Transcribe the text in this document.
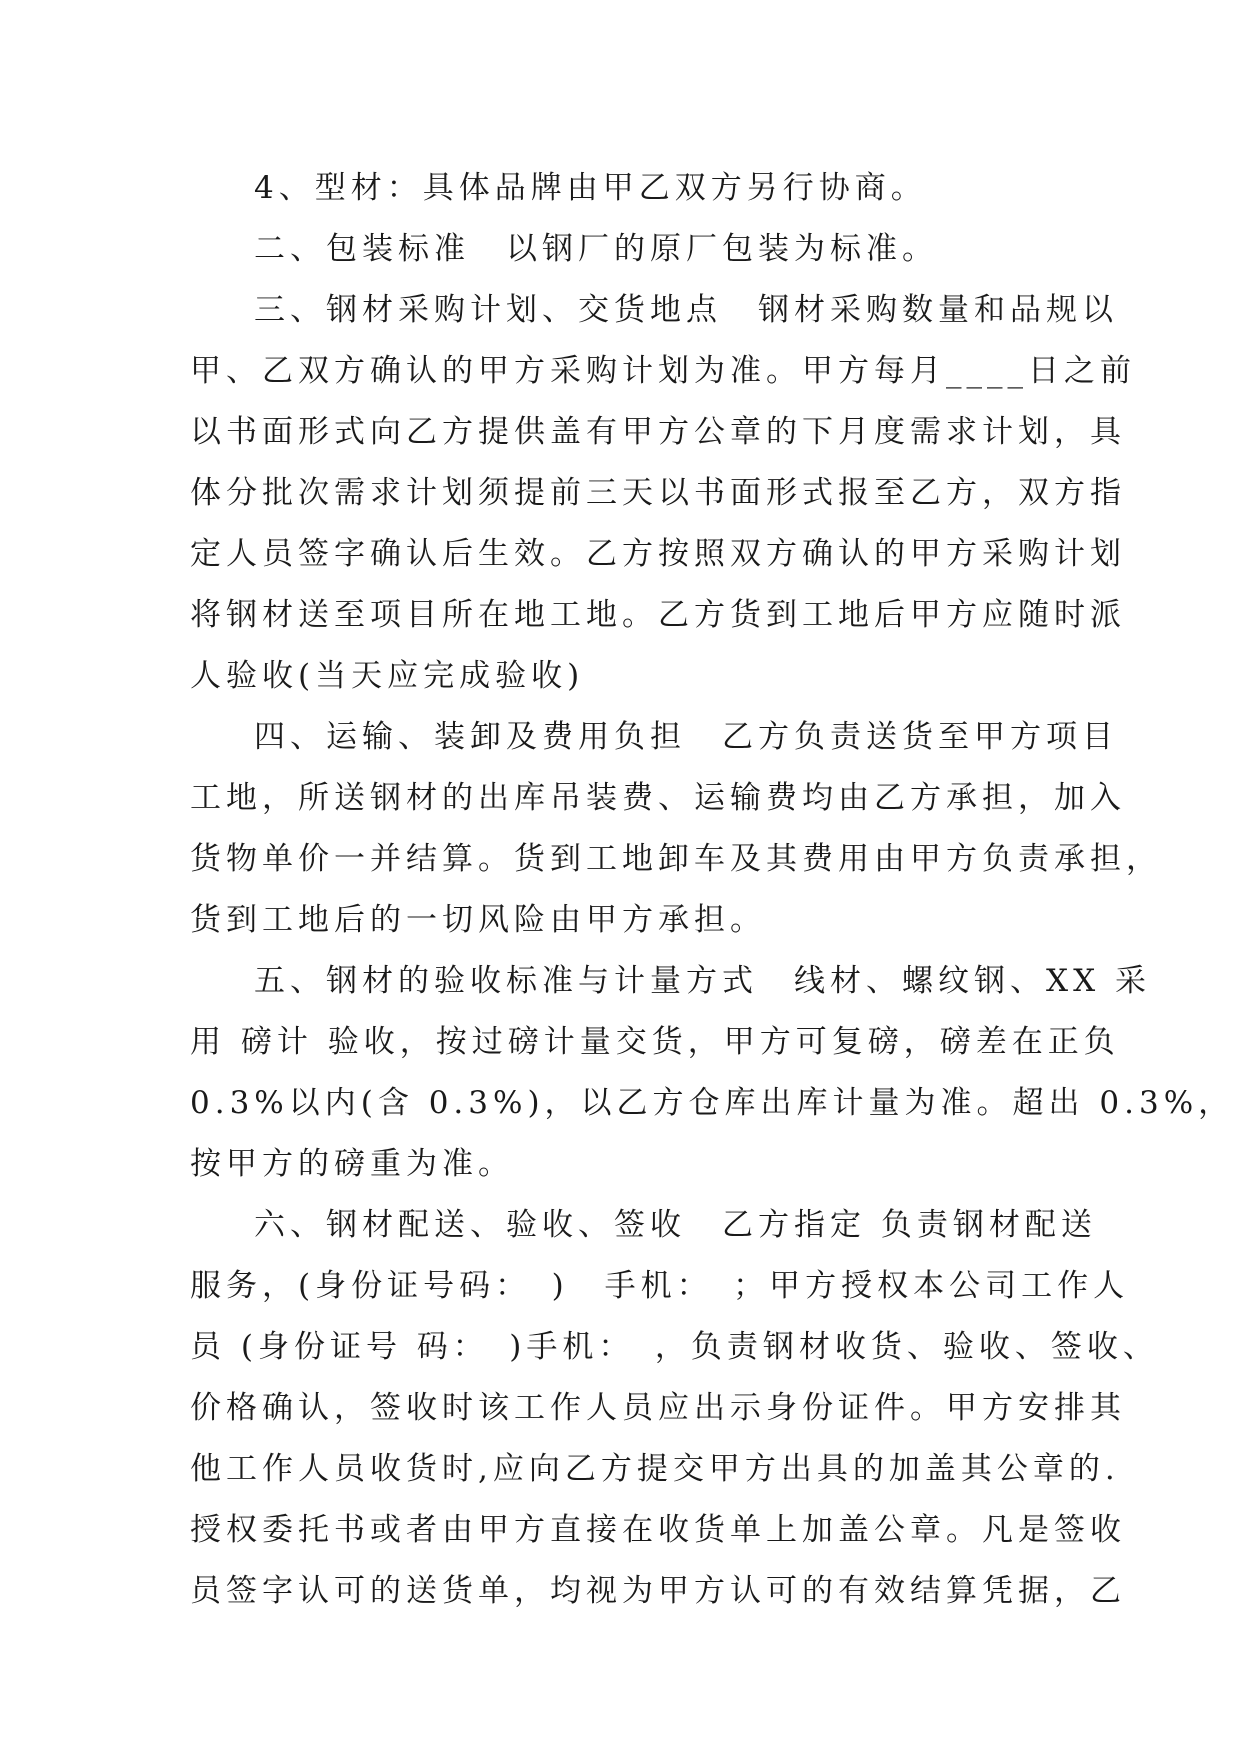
4、型材：具体品牌由甲乙双方另行协商。
二、包装标准　以钢厂的原厂包装为标准。
三、钢材采购计划、交货地点　钢材采购数量和品规以
甲、乙双方确认的甲方采购计划为准。甲方每月____日之前
以书面形式向乙方提供盖有甲方公章的下月度需求计划，具
体分批次需求计划须提前三天以书面形式报至乙方，双方指
定人员签字确认后生效。乙方按照双方确认的甲方采购计划
将钢材送至项目所在地工地。乙方货到工地后甲方应随时派
人验收(当天应完成验收)
四、运输、装卸及费用负担　乙方负责送货至甲方项目
工地，所送钢材的出库吊装费、运输费均由乙方承担，加入
货物单价一并结算。货到工地卸车及其费用由甲方负责承担，
货到工地后的一切风险由甲方承担。
五、钢材的验收标准与计量方式　线材、螺纹钢、XX 采
用 磅计 验收，按过磅计量交货，甲方可复磅，磅差在正负
0.3%以内(含 0.3%)，以乙方仓库出库计量为准。超出 0.3%，
按甲方的磅重为准。
六、钢材配送、验收、签收　乙方指定 负责钢材配送
服务，(身份证号码：　)　手机：　；甲方授权本公司工作人
员 (身份证号 码：　)手机：　，负责钢材收货、验收、签收、
价格确认，签收时该工作人员应出示身份证件。甲方安排其
他工作人员收货时,应向乙方提交甲方出具的加盖其公章的.
授权委托书或者由甲方直接在收货单上加盖公章。凡是签收
员签字认可的送货单，均视为甲方认可的有效结算凭据，乙
